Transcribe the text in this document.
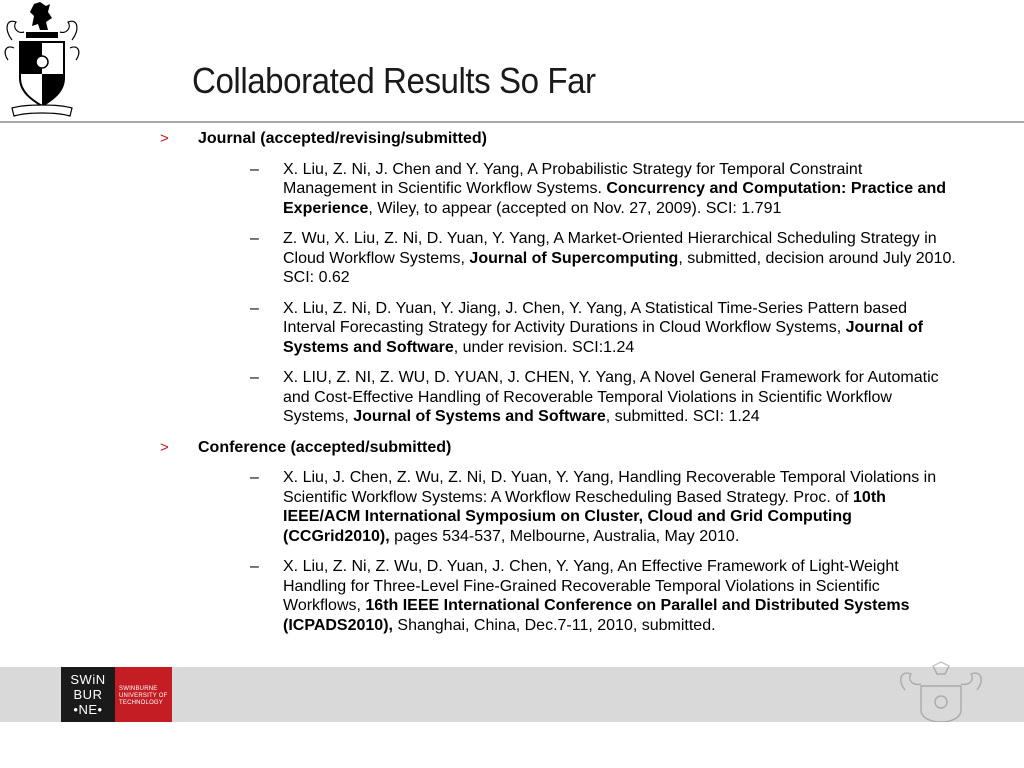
Collaborated Results So Far
> Journal (accepted/revising/submitted)
– X. Liu, Z. Ni, J. Chen and Y. Yang, A Probabilistic Strategy for Temporal Constraint Management in Scientific Workflow Systems. Concurrency and Computation: Practice and Experience, Wiley, to appear (accepted on Nov. 27, 2009). SCI: 1.791
– Z. Wu, X. Liu, Z. Ni, D. Yuan, Y. Yang, A Market-Oriented Hierarchical Scheduling Strategy in Cloud Workflow Systems, Journal of Supercomputing, submitted, decision around July 2010. SCI: 0.62
– X. Liu, Z. Ni, D. Yuan, Y. Jiang, J. Chen, Y. Yang, A Statistical Time-Series Pattern based Interval Forecasting Strategy for Activity Durations in Cloud Workflow Systems, Journal of Systems and Software, under revision. SCI:1.24
– X. LIU, Z. NI, Z. WU, D. YUAN, J. CHEN, Y. Yang, A Novel General Framework for Automatic and Cost-Effective Handling of Recoverable Temporal Violations in Scientific Workflow Systems, Journal of Systems and Software, submitted. SCI: 1.24
> Conference (accepted/submitted)
– X. Liu, J. Chen, Z. Wu, Z. Ni, D. Yuan, Y. Yang, Handling Recoverable Temporal Violations in Scientific Workflow Systems: A Workflow Rescheduling Based Strategy. Proc. of 10th IEEE/ACM International Symposium on Cluster, Cloud and Grid Computing (CCGrid2010), pages 534-537, Melbourne, Australia, May 2010.
– X. Liu, Z. Ni, Z. Wu, D. Yuan, J. Chen, Y. Yang, An Effective Framework of Light-Weight Handling for Three-Level Fine-Grained Recoverable Temporal Violations in Scientific Workflows, 16th IEEE International Conference on Parallel and Distributed Systems (ICPADS2010), Shanghai, China, Dec.7-11, 2010, submitted.
SWiN
BUR
•NE•
SWINBURNE
UNIVERSITY OF
TECHNOLOGY
